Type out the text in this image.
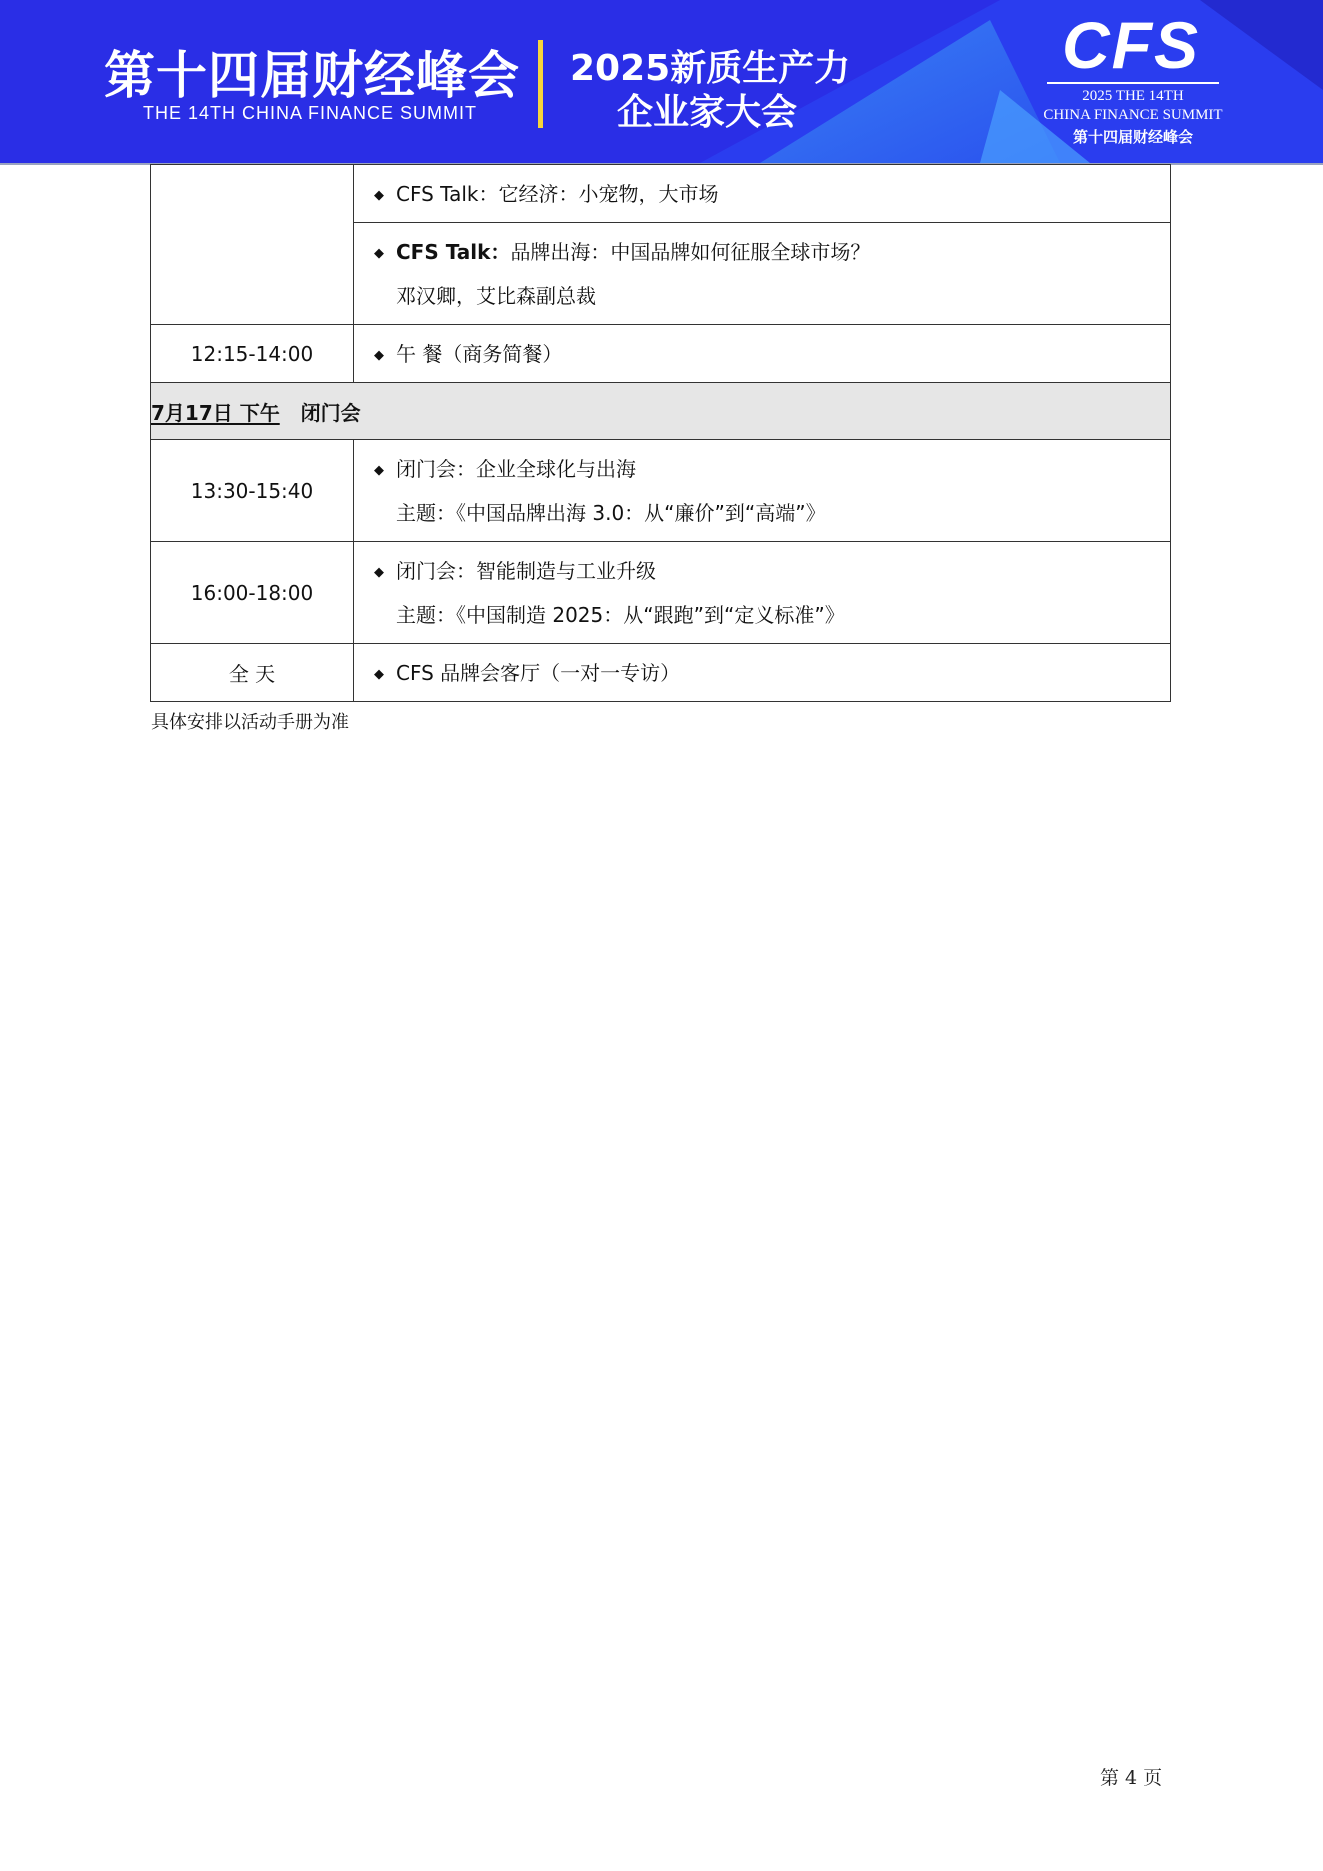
第十四届财经峰会
THE 14TH CHINA FINANCE SUMMIT
2025新质生产力
企业家大会
CFS
2025 THE 14TH
CHINA FINANCE SUMMIT
第十四届财经峰会

	◆ CFS Talk：它经济：小宠物，大市场

	◆ CFS Talk：品牌出海：中国品牌如何征服全球市场？
邓汉卿，艾比森副总裁

12:15-14:00	◆ 午 餐（商务简餐）

7月17日 下午 闭门会	
13:30-15:40	◆ 闭门会：企业全球化与出海
主题：《中国品牌出海 3.0：从“廉价”到“高端”》

16:00-18:00	◆ 闭门会：智能制造与工业升级
主题：《中国制造 2025：从“跟跑”到“定义标准”》

全 天	◆ CFS 品牌会客厅（一对一专访）
具体安排以活动手册为准
第 4 页
